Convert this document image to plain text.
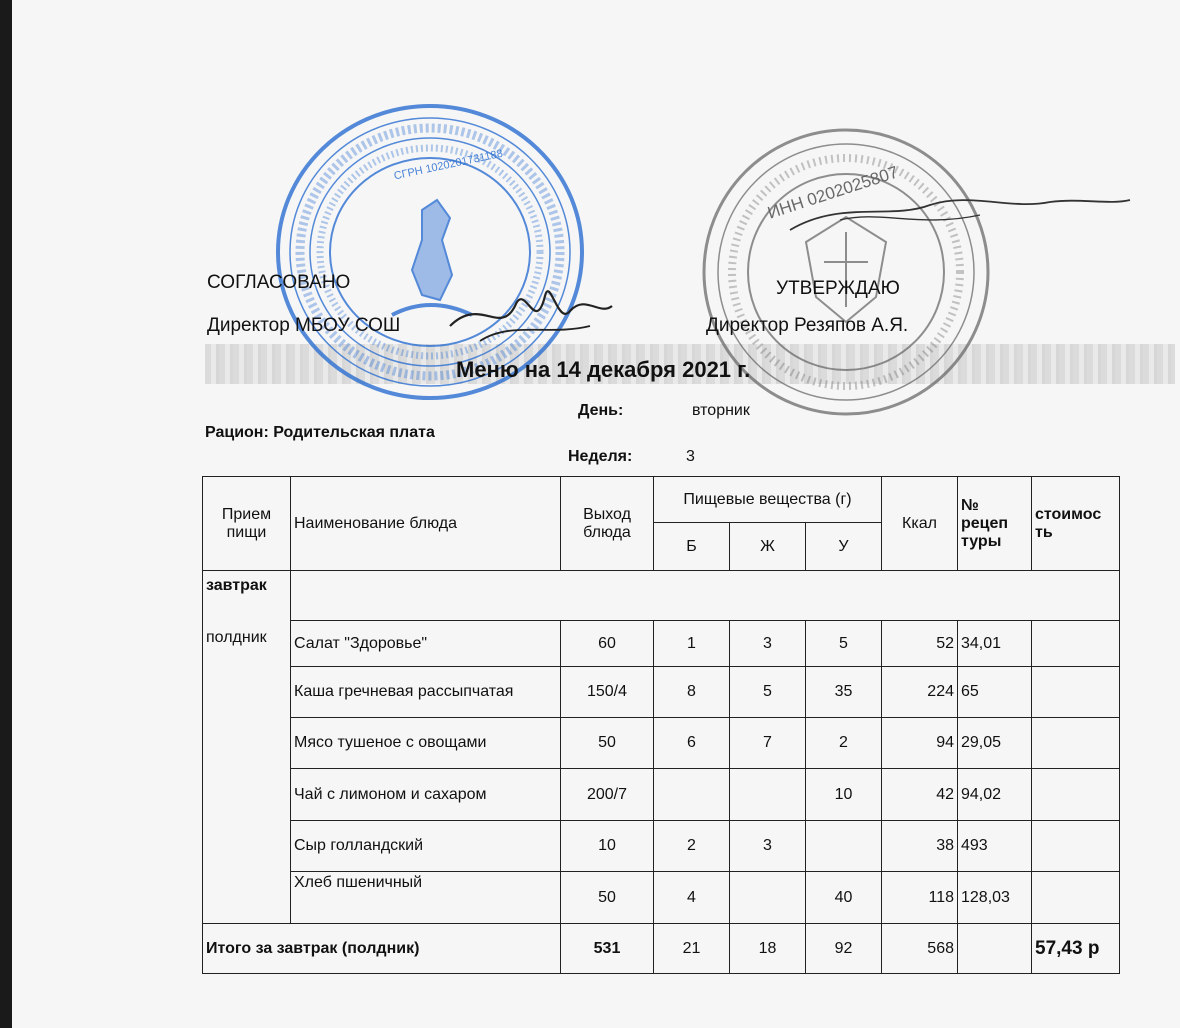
СГРН 1020201731188	ИНН 0202025807
СОГЛАСОВАНО
Директор МБОУ СОШ
УТВЕРЖДАЮ
Директор Резяпов А.Я.
Меню на 14 декабря 2021 г.
День:	вторник
Рацион: Родительская плата
Неделя:	3
Прием пищи	Наименование блюда	Выход блюда	Пищевые вещества (г)			Ккал	№ рецеп туры	стоимос ть
			Б	Ж	У			
завтрак								
полдник	Салат "Здоровье"	60	1	3	5	52	34,01	
	Каша гречневая рассыпчатая	150/4	8	5	35	224	65	
	Мясо тушеное с овощами	50	6	7	2	94	29,05	
	Чай с лимоном и сахаром	200/7			10	42	94,02	
	Сыр голландский	10	2	3		38	493	
	Хлеб пшеничный	50	4		40	118	128,03	
Итого за завтрак (полдник)		531	21	18	92	568		57,43 р
